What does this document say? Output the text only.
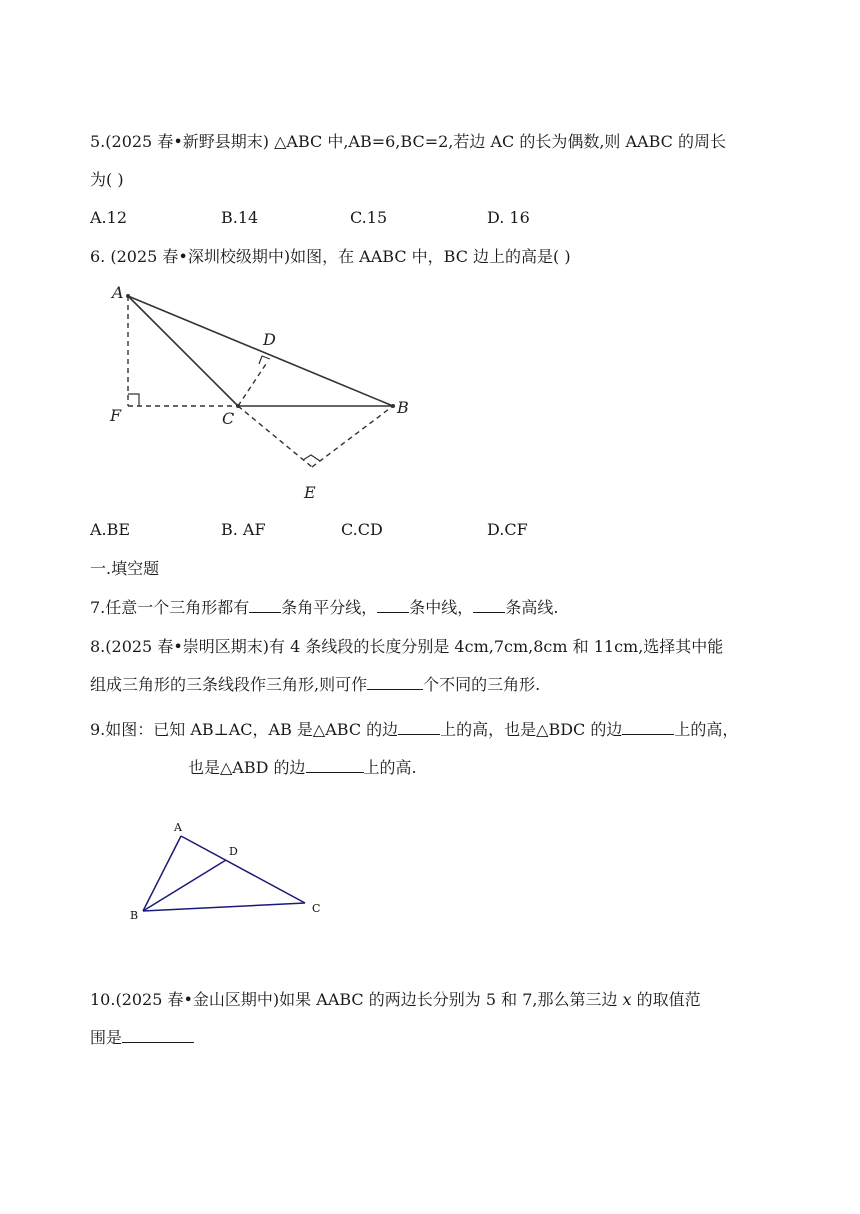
5.(2025 春•新野县期末) △ABC 中,AB=6,BC=2,若边 AC 的长为偶数,则 AABC 的周长
为( )
A.12	B.14	C.15	D. 16
6. (2025 春•深圳校级期中)如图，在 AABC 中，BC 边上的高是( )
A
B
C
D
E
F
A.BE	B. AF	C.CD	D.CF
一.填空题
7.任意一个三角形都有 条角平分线， 条中线， 条高线.
8.(2025 春•崇明区期末)有 4 条线段的长度分别是 4cm,7cm,8cm 和 11cm,选择其中能
组成三角形的三条线段作三角形,则可作	个不同的三角形.
9.如图：已知 AB⊥AC，AB 是△ABC 的边	上的高，也是△BDC 的边	上的高，
也是△ABD 的边	上的高.
A
B
C
D
10.(2025 春•金山区期中)如果 AABC 的两边长分别为 5 和 7,那么第三边 x 的取值范
围是
